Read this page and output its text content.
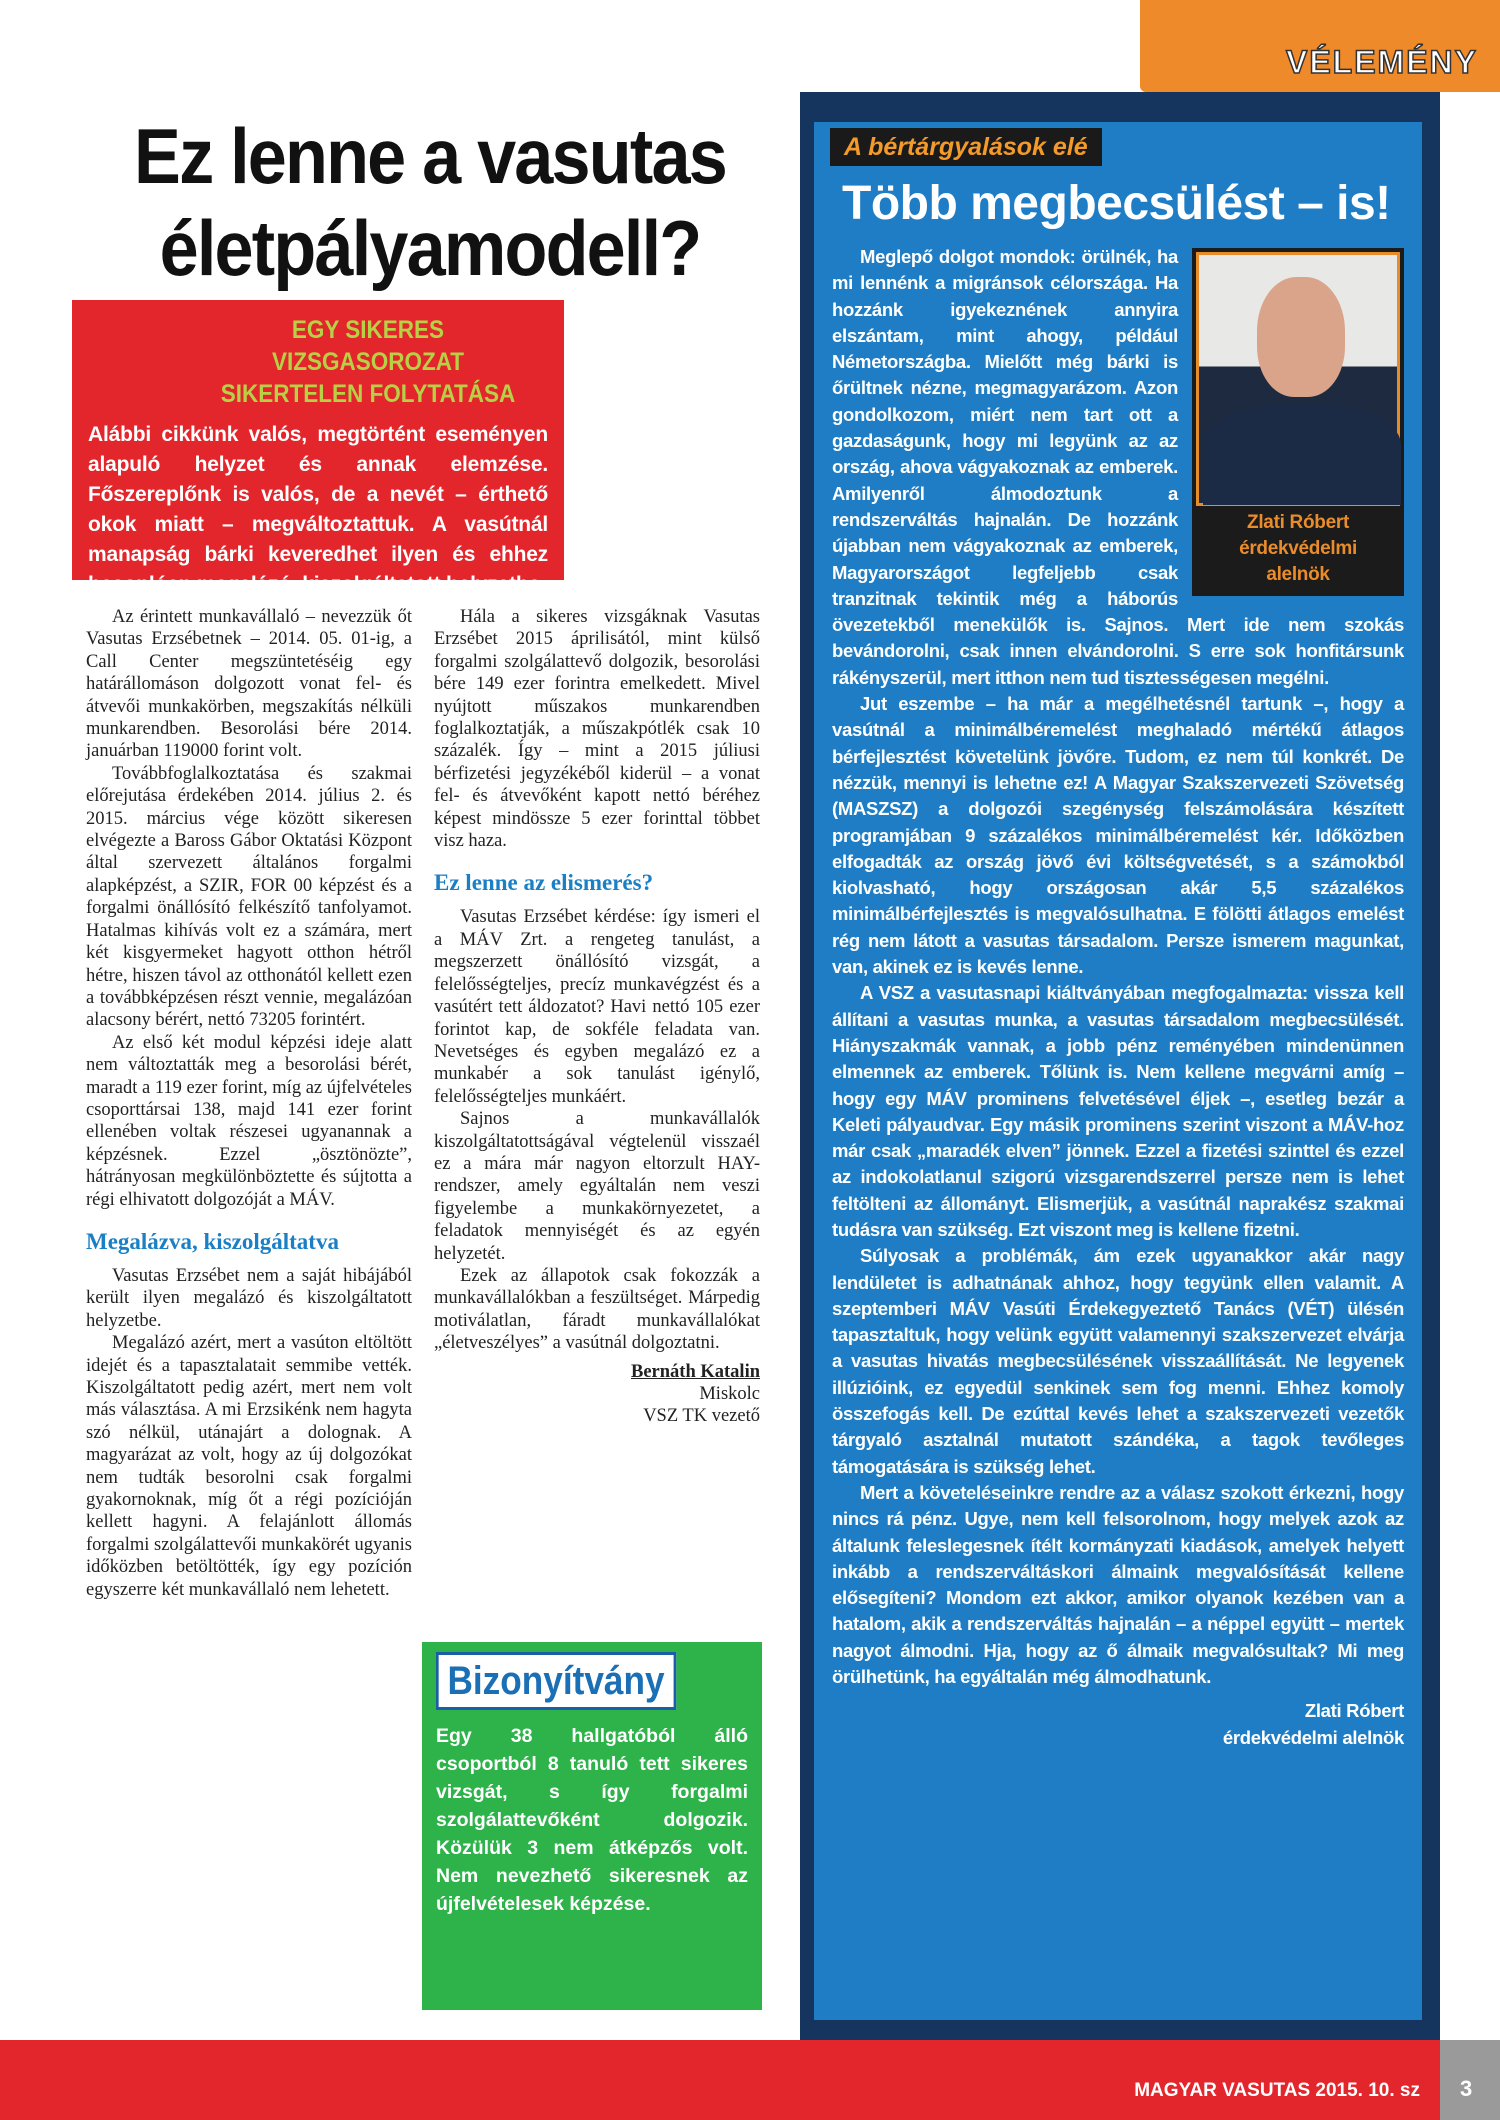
VÉLEMÉNY
Ez lenne a vasutas
életpályamodell?
EGY SIKERES VIZSGASOROZAT
SIKERTELEN FOLYTATÁSA
Alábbi cikkünk valós, megtörtént eseményen alapuló helyzet és annak elemzése. Főszereplőnk is valós, de a nevét – érthető okok miatt – megváltoztattuk. A vasútnál manapság bárki keveredhet ilyen és ehhez hasonlóan megalázó, kiszolgáltatott helyzetbe.

Az érintett munkavállaló – nevezzük őt Vasutas Erzsébetnek – 2014. 05. 01-ig, a Call Center megszüntetéséig egy határállomáson dolgozott vonat fel- és átvevői munkakörben, megszakítás nélküli munkarendben. Besorolási bére 2014. januárban 119000 forint volt.

Továbbfoglalkoztatása és szakmai előrejutása érdekében 2014. július 2. és 2015. március vége között sikeresen elvégezte a Baross Gábor Oktatási Központ által szervezett általános forgalmi alapképzést, a SZIR, FOR 00 képzést és a forgalmi önállósító felkészítő tanfolyamot. Hatalmas kihívás volt ez a számára, mert két kisgyermeket hagyott otthon hétről hétre, hiszen távol az otthonától kellett ezen a továbbképzésen részt vennie, megalázóan alacsony bérért, nettó 73205 forintért.

Az első két modul képzési ideje alatt nem változtatták meg a besorolási bérét, maradt a 119 ezer forint, míg az újfelvételes csoporttársai 138, majd 141 ezer forint ellenében voltak részesei ugyanannak a képzésnek. Ezzel „ösztönözte”, hátrányosan megkülönböztette és sújtotta a régi elhivatott dolgozóját a MÁV.

Megalázva, kiszolgáltatva

Vasutas Erzsébet nem a saját hibájából került ilyen megalázó és kiszolgáltatott helyzetbe.

Megalázó azért, mert a vasúton eltöltött idejét és a tapasztalatait semmibe vették. Kiszolgáltatott pedig azért, mert nem volt más választása. A mi Erzsikénk nem hagyta szó nélkül, utánajárt a dolognak. A magyarázat az volt, hogy az új dolgozókat nem tudták besorolni csak forgalmi gyakornoknak, míg őt a régi pozícióján kellett hagyni. A felajánlott állomás forgalmi szolgálattevői munkakörét ugyanis időközben betöltötték, így egy pozíción egyszerre két munkavállaló nem lehetett.

Hála a sikeres vizsgáknak Vasutas Erzsébet 2015 áprilisától, mint külső forgalmi szolgálattevő dolgozik, besorolási bére 149 ezer forintra emelkedett. Mivel nyújtott műszakos munkarendben foglalkoztatják, a műszakpótlék csak 10 százalék. Így – mint a 2015 júliusi bérfizetési jegyzékéből kiderül – a vonat fel- és átvevőként kapott nettó béréhez képest mindössze 5 ezer forinttal többet visz haza.

Ez lenne az elismerés?

Vasutas Erzsébet kérdése: így ismeri el a MÁV Zrt. a rengeteg tanulást, a megszerzett önállósító vizsgát, a felelősségteljes, precíz munkavégzést és a vasútért tett áldozatot? Havi nettó 105 ezer forintot kap, de sokféle feladata van. Nevetséges és egyben megalázó ez a munkabér a sok tanulást igénylő, felelősségteljes munkáért.

Sajnos a munkavállalók kiszolgáltatottságával végtelenül visszaél ez a mára már nagyon eltorzult HAY-rendszer, amely egyáltalán nem veszi figyelembe a munkakörnyezetet, a feladatok mennyiségét és az egyén helyzetét.

Ezek az állapotok csak fokozzák a munkavállalókban a feszültséget. Márpedig motiválatlan, fáradt munkavállalókat „életveszélyes” a vasútnál dolgoztatni.

Bernáth Katalin

Miskolc

VSZ TK vezető

Bizonyítvány
Egy 38 hallgatóból álló csoportból 8 tanuló tett sikeres vizsgát, s így forgalmi szolgálattevőként dolgozik. Közülük 3 nem átképzős volt. Nem nevezhető sikeresnek az újfelvételesek képzése.
A bértárgyalások elé
Több megbecsülést – is!
Zlati Róbert
érdekvédelmi
alelnök

Meglepő dolgot mondok: örülnék, ha mi lennénk a migránsok célországa. Ha hozzánk igyekeznének annyira elszántam, mint ahogy, például Németországba. Mielőtt még bárki is őrültnek nézne, megmagyarázom. Azon gondolkozom, miért nem tart ott a gazdaságunk, hogy mi legyünk az az ország, ahova vágyakoznak az emberek. Amilyenről álmodoztunk a rendszerváltás hajnalán. De hozzánk újabban nem vágyakoznak az emberek, Magyarországot legfeljebb csak tranzitnak tekintik még a háborús övezetekből menekülők is. Sajnos. Mert ide nem szokás bevándorolni, csak innen elvándorolni. S erre sok honfitársunk rákényszerül, mert itthon nem tud tisztességesen megélni.

Jut eszembe – ha már a megélhetésnél tartunk –, hogy a vasútnál a minimálbéremelést meghaladó mértékű átlagos bérfejlesztést követelünk jövőre. Tudom, ez nem túl konkrét. De nézzük, mennyi is lehetne ez! A Magyar Szakszervezeti Szövetség (MASZSZ) a dolgozói szegénység felszámolására készített programjában 9 százalékos minimálbéremelést kér. Időközben elfogadták az ország jövő évi költségvetését, s a számokból kiolvasható, hogy országosan akár 5,5 százalékos minimálbérfejlesztés is megvalósulhatna. E fölötti átlagos emelést rég nem látott a vasutas társadalom. Persze ismerem magunkat, van, akinek ez is kevés lenne.

A VSZ a vasutasnapi kiáltványában megfogalmazta: vissza kell állítani a vasutas munka, a vasutas társadalom megbecsülését. Hiányszakmák vannak, a jobb pénz reményében mindenünnen elmennek az emberek. Tőlünk is. Nem kellene megvárni amíg – hogy egy MÁV prominens felvetésével éljek –, esetleg bezár a Keleti pályaudvar. Egy másik prominens szerint viszont a MÁV-hoz már csak „maradék elven” jönnek. Ezzel a fizetési szinttel és ezzel az indokolatlanul szigorú vizsgarendszerrel persze nem is lehet feltölteni az állományt. Elismerjük, a vasútnál naprakész szakmai tudásra van szükség. Ezt viszont meg is kellene fizetni.

Súlyosak a problémák, ám ezek ugyanakkor akár nagy lendületet is adhatnának ahhoz, hogy tegyünk ellen valamit. A szeptemberi MÁV Vasúti Érdekegyeztető Tanács (VÉT) ülésén tapasztaltuk, hogy velünk együtt valamennyi szakszervezet elvárja a vasutas hivatás megbecsülésének visszaállítását. Ne legyenek illúzióink, ez egyedül senkinek sem fog menni. Ehhez komoly összefogás kell. De ezúttal kevés lehet a szakszervezeti vezetők tárgyaló asztalnál mutatott szándéka, a tagok tevőleges támogatására is szükség lehet.

Mert a követeléseinkre rendre az a válasz szokott érkezni, hogy nincs rá pénz. Ugye, nem kell felsorolnom, hogy melyek azok az általunk feleslegesnek ítélt kormányzati kiadások, amelyek helyett inkább a rendszerváltáskori álmaink megvalósítását kellene elősegíteni? Mondom ezt akkor, amikor olyanok kezében van a hatalom, akik a rendszerváltás hajnalán – a néppel együtt – mertek nagyot álmodni. Hja, hogy az ő álmaik megvalósultak? Mi meg örülhetünk, ha egyáltalán még álmodhatunk.

Zlati Róbert

érdekvédelmi alelnök

MAGYAR VASUTAS 2015. 10. sz 3
